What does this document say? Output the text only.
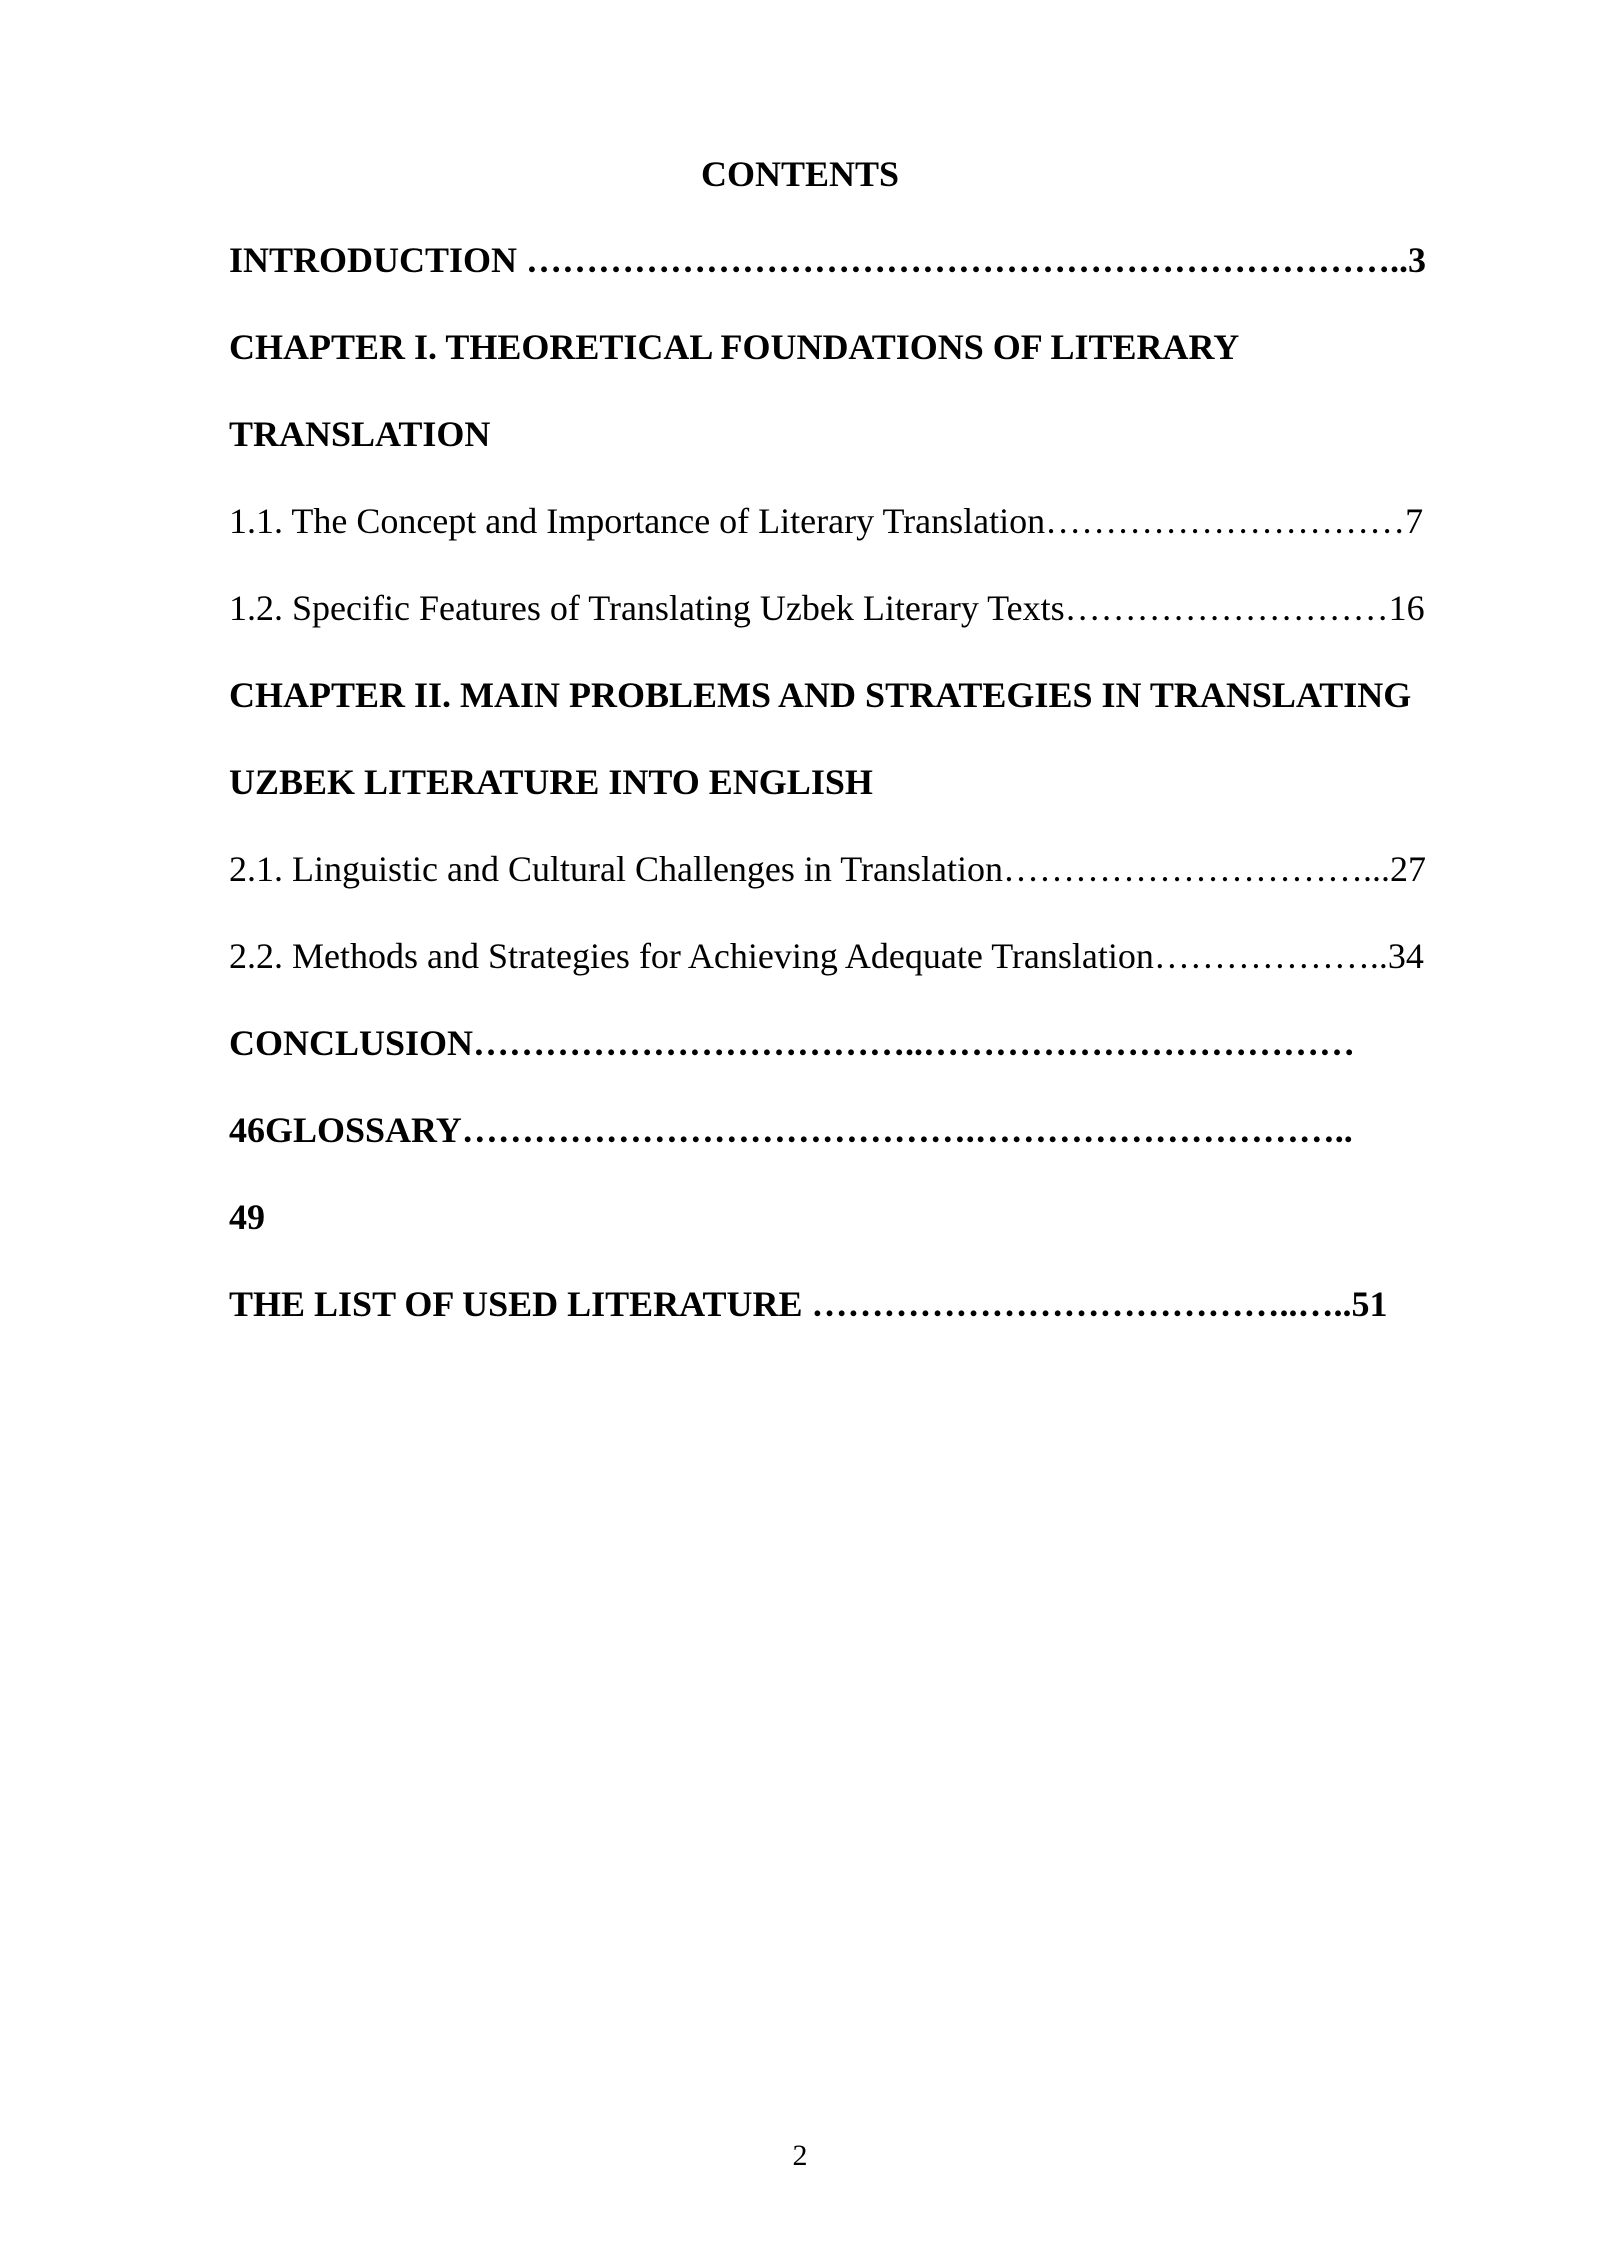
CONTENTS
INTRODUCTION ………………………………………………………………..3
CHAPTER I. THEORETICAL FOUNDATIONS OF LITERARY
TRANSLATION
1.1. The Concept and Importance of Literary Translation…………………………7
1.2. Specific Features of Translating Uzbek Literary Texts………………………16
CHAPTER II. MAIN PROBLEMS AND STRATEGIES IN TRANSLATING
UZBEK LITERATURE INTO ENGLISH
2.1. Linguistic and Cultural Challenges in Translation…………………………...27
2.2. Methods and Strategies for Achieving Adequate Translation………………..34
CONCLUSION………………………………..………………………………
46GLOSSARY…………………………………….…………………………..
49
THE LIST OF USED LITERATURE …………………………………..…..51
2
